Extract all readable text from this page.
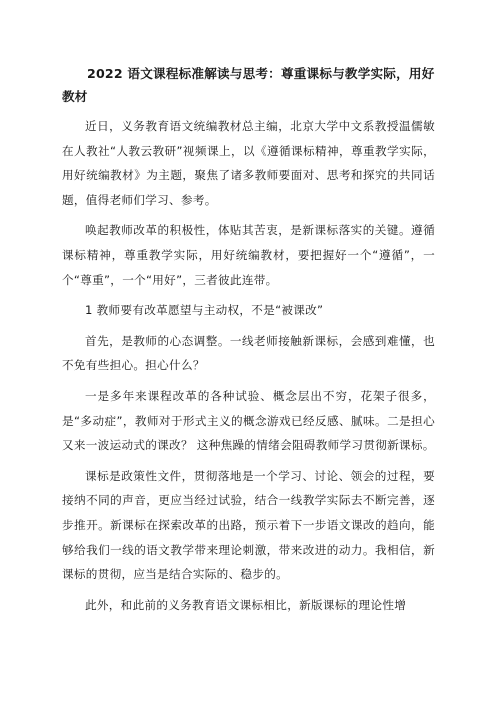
2022 语文课程标准解读与思考：尊重课标与教学实际，用好教材

近日，义务教育语文统编教材总主编，北京大学中文系教授温儒敏在人教社“人教云教研”视频课上，以《遵循课标精神，尊重教学实际，用好统编教材》为主题，聚焦了诸多教师要面对、思考和探究的共同话题，值得老师们学习、参考。

唤起教师改革的积极性，体贴其苦衷，是新课标落实的关键。遵循课标精神，尊重教学实际，用好统编教材，要把握好一个“遵循”，一个“尊重”，一个“用好”，三者彼此连带。

1 教师要有改革愿望与主动权，不是“被课改”

首先，是教师的心态调整。一线老师接触新课标，会感到难懂，也不免有些担心。担心什么？

一是多年来课程改革的各种试验、概念层出不穷，花架子很多，是“多动症”，教师对于形式主义的概念游戏已经反感、腻味。二是担心又来一波运动式的课改？ 这种焦躁的情绪会阻碍教师学习贯彻新课标。

课标是政策性文件，贯彻落地是一个学习、讨论、领会的过程，要接纳不同的声音，更应当经过试验，结合一线教学实际去不断完善，逐步推开。新课标在探索改革的出路，预示着下一步语文课改的趋向，能够给我们一线的语文教学带来理论刺激，带来改进的动力。我相信，新课标的贯彻，应当是结合实际的、稳步的。

此外，和此前的义务教育语文课标相比，新版课标的理论性增
